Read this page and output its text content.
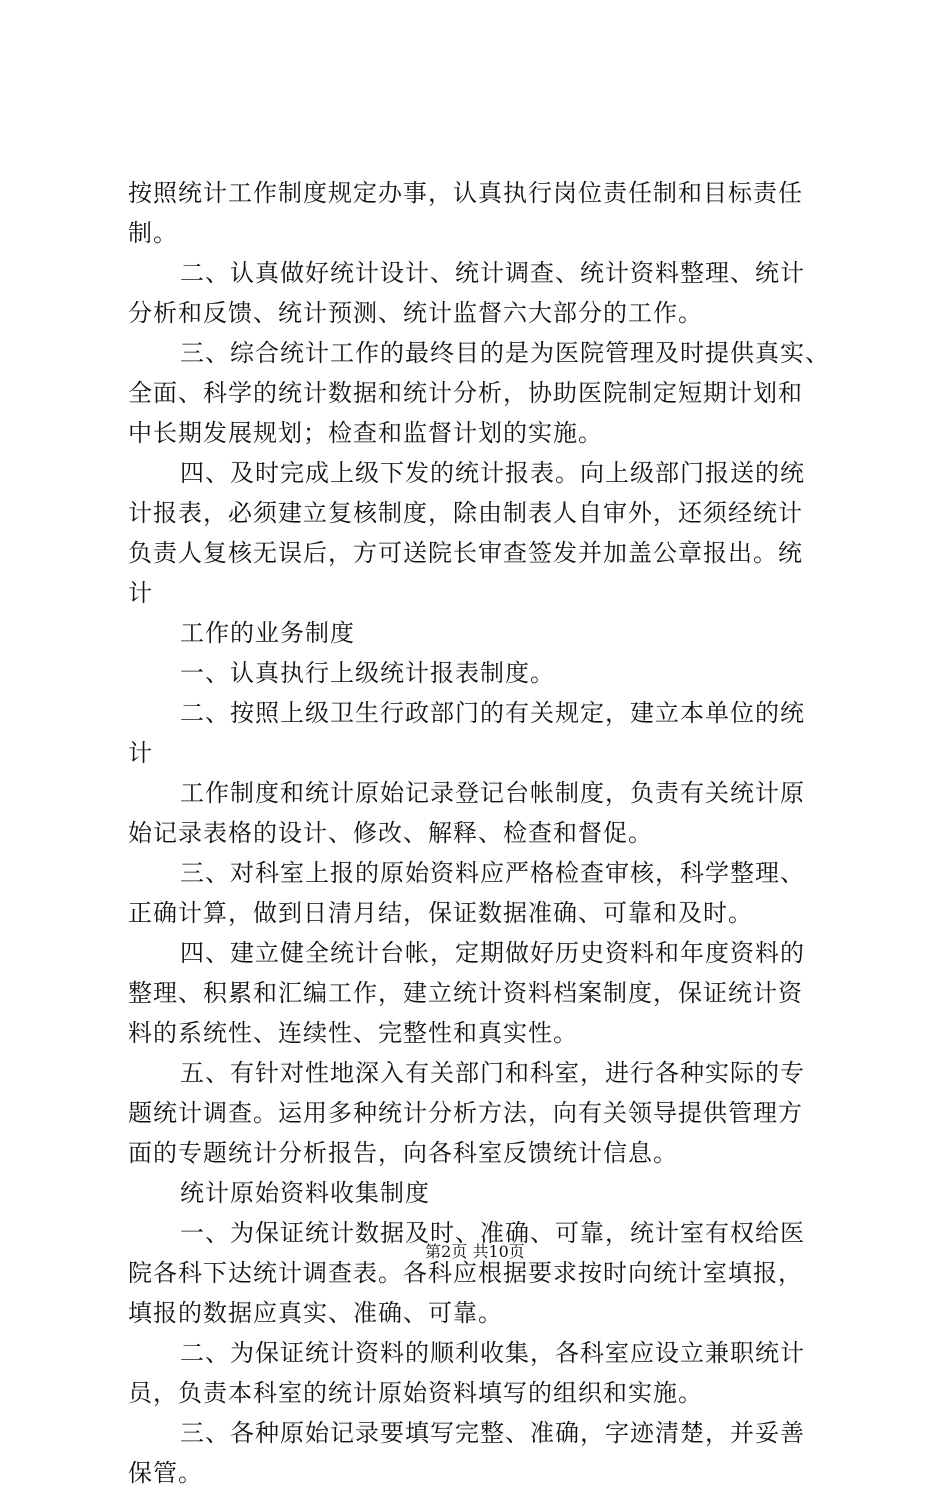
按照统计工作制度规定办事，认真执行岗位责任制和目标责任
制。
二、认真做好统计设计、统计调查、统计资料整理、统计
分析和反馈、统计预测、统计监督六大部分的工作。
三、综合统计工作的最终目的是为医院管理及时提供真实、
全面、科学的统计数据和统计分析，协助医院制定短期计划和
中长期发展规划；检查和监督计划的实施。
四、及时完成上级下发的统计报表。向上级部门报送的统
计报表，必须建立复核制度，除由制表人自审外，还须经统计
负责人复核无误后，方可送院长审查签发并加盖公章报出。统
计
工作的业务制度
一、认真执行上级统计报表制度。
二、按照上级卫生行政部门的有关规定，建立本单位的统
计
工作制度和统计原始记录登记台帐制度，负责有关统计原
始记录表格的设计、修改、解释、检查和督促。
三、对科室上报的原始资料应严格检查审核，科学整理、
正确计算，做到日清月结，保证数据准确、可靠和及时。
四、建立健全统计台帐，定期做好历史资料和年度资料的
整理、积累和汇编工作，建立统计资料档案制度，保证统计资
料的系统性、连续性、完整性和真实性。
五、有针对性地深入有关部门和科室，进行各种实际的专
题统计调查。运用多种统计分析方法，向有关领导提供管理方
面的专题统计分析报告，向各科室反馈统计信息。
统计原始资料收集制度
一、为保证统计数据及时、准确、可靠，统计室有权给医
院各科下达统计调查表。各科应根据要求按时向统计室填报，
填报的数据应真实、准确、可靠。
二、为保证统计资料的顺利收集，各科室应设立兼职统计
员，负责本科室的统计原始资料填写的组织和实施。
三、各种原始记录要填写完整、准确，字迹清楚，并妥善
保管。
第2页 共10页
